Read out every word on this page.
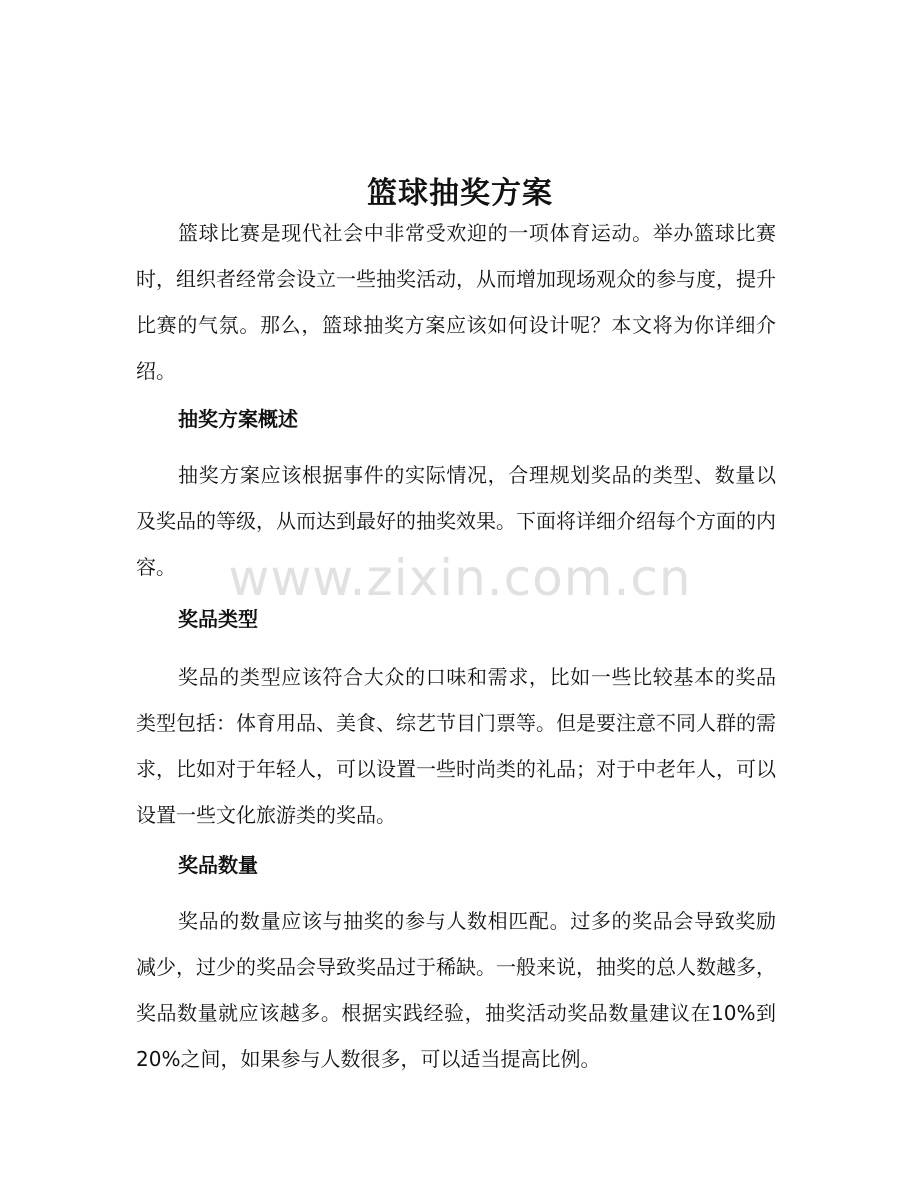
篮球抽奖方案

篮球比赛是现代社会中非常受欢迎的一项体育运动。举办篮球比赛时，组织者经常会设立一些抽奖活动，从而增加现场观众的参与度，提升比赛的气氛。那么，篮球抽奖方案应该如何设计呢？本文将为你详细介绍。

抽奖方案概述

抽奖方案应该根据事件的实际情况，合理规划奖品的类型、数量以及奖品的等级，从而达到最好的抽奖效果。下面将详细介绍每个方面的内容。

奖品类型

奖品的类型应该符合大众的口味和需求，比如一些比较基本的奖品类型包括：体育用品、美食、综艺节目门票等。但是要注意不同人群的需求，比如对于年轻人，可以设置一些时尚类的礼品；对于中老年人，可以设置一些文化旅游类的奖品。

奖品数量

奖品的数量应该与抽奖的参与人数相匹配。过多的奖品会导致奖励减少，过少的奖品会导致奖品过于稀缺。一般来说，抽奖的总人数越多，奖品数量就应该越多。根据实践经验，抽奖活动奖品数量建议在10%到20%之间，如果参与人数很多，可以适当提高比例。

www.zixin.com.cn
